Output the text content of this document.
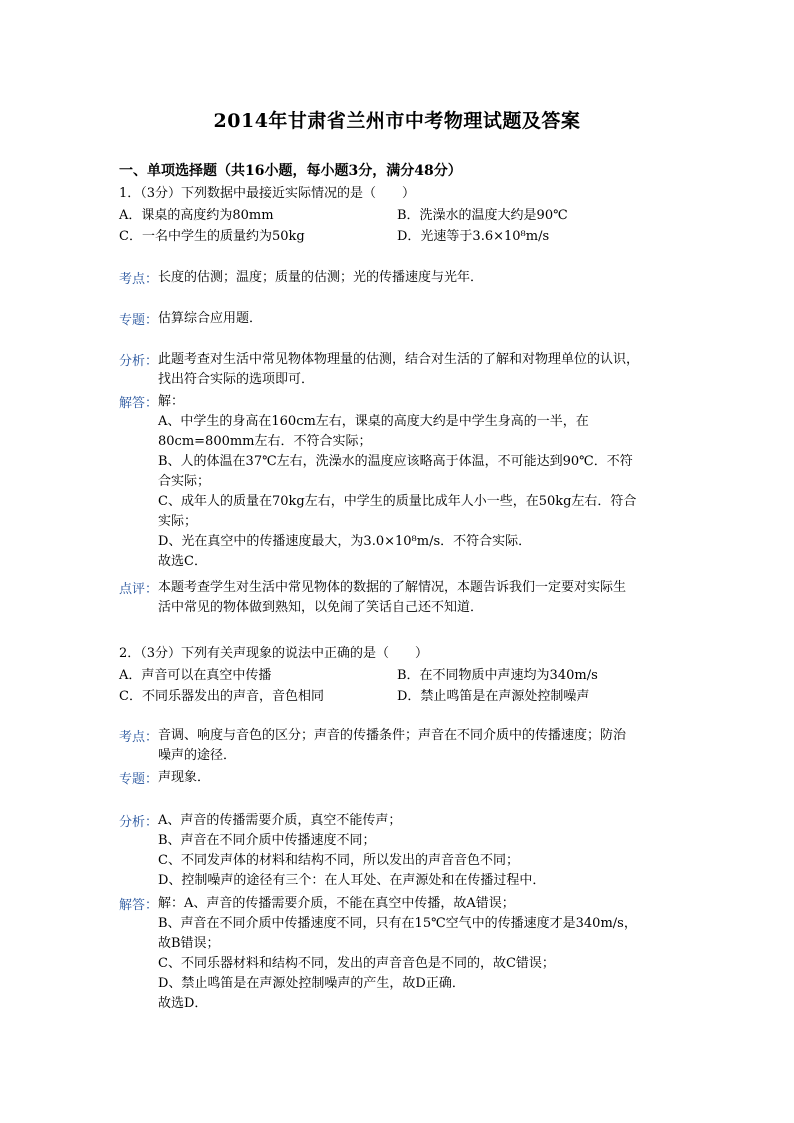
2014年甘肃省兰州市中考物理试题及答案
一、单项选择题（共16小题，每小题3分，满分48分）
1．（3分）下列数据中最接近实际情况的是（　　）
A．课桌的高度约为80mm	B．洗澡水的温度大约是90℃
C．一名中学生的质量约为50kg	D．光速等于3.6×10⁸m/s
考点： 长度的估测；温度；质量的估测；光的传播速度与光年．
专题： 估算综合应用题．
分析： 此题考查对生活中常见物体物理量的估测，结合对生活的了解和对物理单位的认识，
找出符合实际的选项即可．
解答： 解：
A、中学生的身高在160cm左右，课桌的高度大约是中学生身高的一半，在
80cm=800mm左右．不符合实际；
B、人的体温在37℃左右，洗澡水的温度应该略高于体温，不可能达到90℃．不符
合实际；
C、成年人的质量在70kg左右，中学生的质量比成年人小一些，在50kg左右．符合
实际；
D、光在真空中的传播速度最大，为3.0×10⁸m/s．不符合实际．
故选C．
点评： 本题考查学生对生活中常见物体的数据的了解情况，本题告诉我们一定要对实际生
活中常见的物体做到熟知，以免闹了笑话自己还不知道．
2．（3分）下列有关声现象的说法中正确的是（　　）
A．声音可以在真空中传播	B．在不同物质中声速均为340m/s
C．不同乐器发出的声音，音色相同	D．禁止鸣笛是在声源处控制噪声
考点： 音调、响度与音色的区分；声音的传播条件；声音在不同介质中的传播速度；防治
噪声的途径．
专题： 声现象．
分析： A、声音的传播需要介质，真空不能传声；
B、声音在不同介质中传播速度不同；
C、不同发声体的材料和结构不同，所以发出的声音音色不同；
D、控制噪声的途径有三个：在人耳处、在声源处和在传播过程中．
解答： 解：A、声音的传播需要介质，不能在真空中传播，故A错误；
B、声音在不同介质中传播速度不同，只有在15℃空气中的传播速度才是340m/s，
故B错误；
C、不同乐器材料和结构不同，发出的声音音色是不同的，故C错误；
D、禁止鸣笛是在声源处控制噪声的产生，故D正确．
故选D．
